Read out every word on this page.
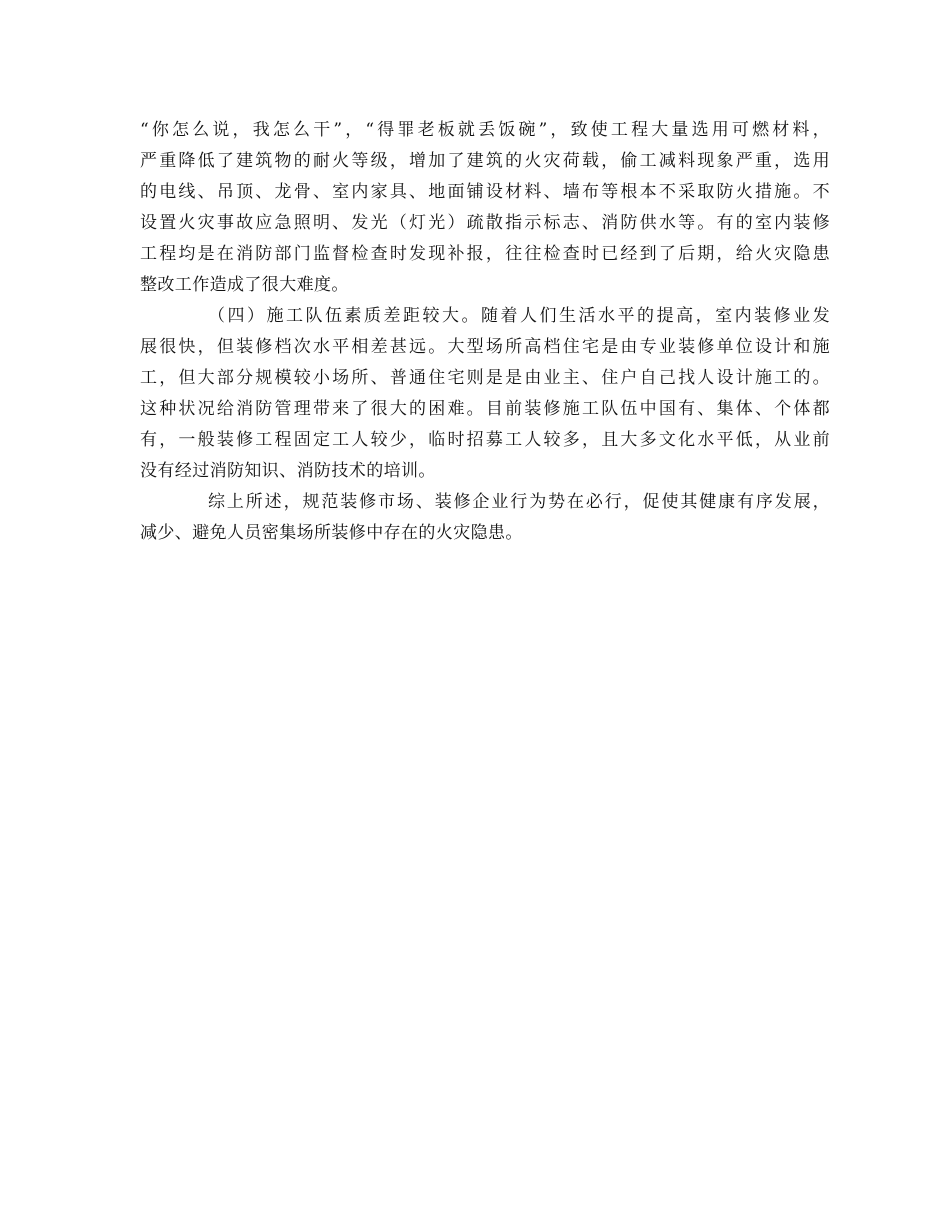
“你怎么说，我怎么干”，“得罪老板就丢饭碗”，致使工程大量选用可燃材料，
严重降低了建筑物的耐火等级，增加了建筑的火灾荷载，偷工减料现象严重，选用
的电线、吊顶、龙骨、室内家具、地面铺设材料、墙布等根本不采取防火措施。不
设置火灾事故应急照明、发光（灯光）疏散指示标志、消防供水等。有的室内装修
工程均是在消防部门监督检查时发现补报，往往检查时已经到了后期，给火灾隐患
整改工作造成了很大难度。
（四）施工队伍素质差距较大。随着人们生活水平的提高，室内装修业发
展很快，但装修档次水平相差甚远。大型场所高档住宅是由专业装修单位设计和施
工，但大部分规模较小场所、普通住宅则是是由业主、住户自己找人设计施工的。
这种状况给消防管理带来了很大的困难。目前装修施工队伍中国有、集体、个体都
有，一般装修工程固定工人较少，临时招募工人较多，且大多文化水平低，从业前
没有经过消防知识、消防技术的培训。
综上所述，规范装修市场、装修企业行为势在必行，促使其健康有序发展，
减少、避免人员密集场所装修中存在的火灾隐患。
